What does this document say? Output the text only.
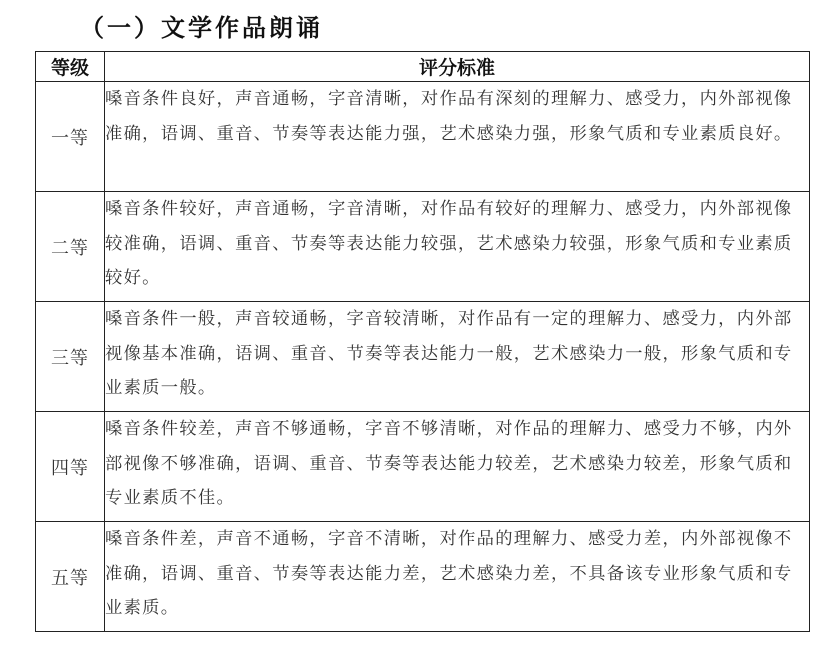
（一）文学作品朗诵
等级	评分标准
一等	嗓音条件良好，声音通畅，字音清晰，对作品有深刻的理解力、感受力，内外部视像准确，语调、重音、节奏等表达能力强，艺术感染力强，形象气质和专业素质良好。
二等	嗓音条件较好，声音通畅，字音清晰，对作品有较好的理解力、感受力，内外部视像较准确，语调、重音、节奏等表达能力较强，艺术感染力较强，形象气质和专业素质较好。
三等	嗓音条件一般，声音较通畅，字音较清晰，对作品有一定的理解力、感受力，内外部视像基本准确，语调、重音、节奏等表达能力一般，艺术感染力一般，形象气质和专业素质一般。
四等	嗓音条件较差，声音不够通畅，字音不够清晰，对作品的理解力、感受力不够，内外部视像不够准确，语调、重音、节奏等表达能力较差，艺术感染力较差，形象气质和专业素质不佳。
五等	嗓音条件差，声音不通畅，字音不清晰，对作品的理解力、感受力差，内外部视像不准确，语调、重音、节奏等表达能力差，艺术感染力差，不具备该专业形象气质和专业素质。
